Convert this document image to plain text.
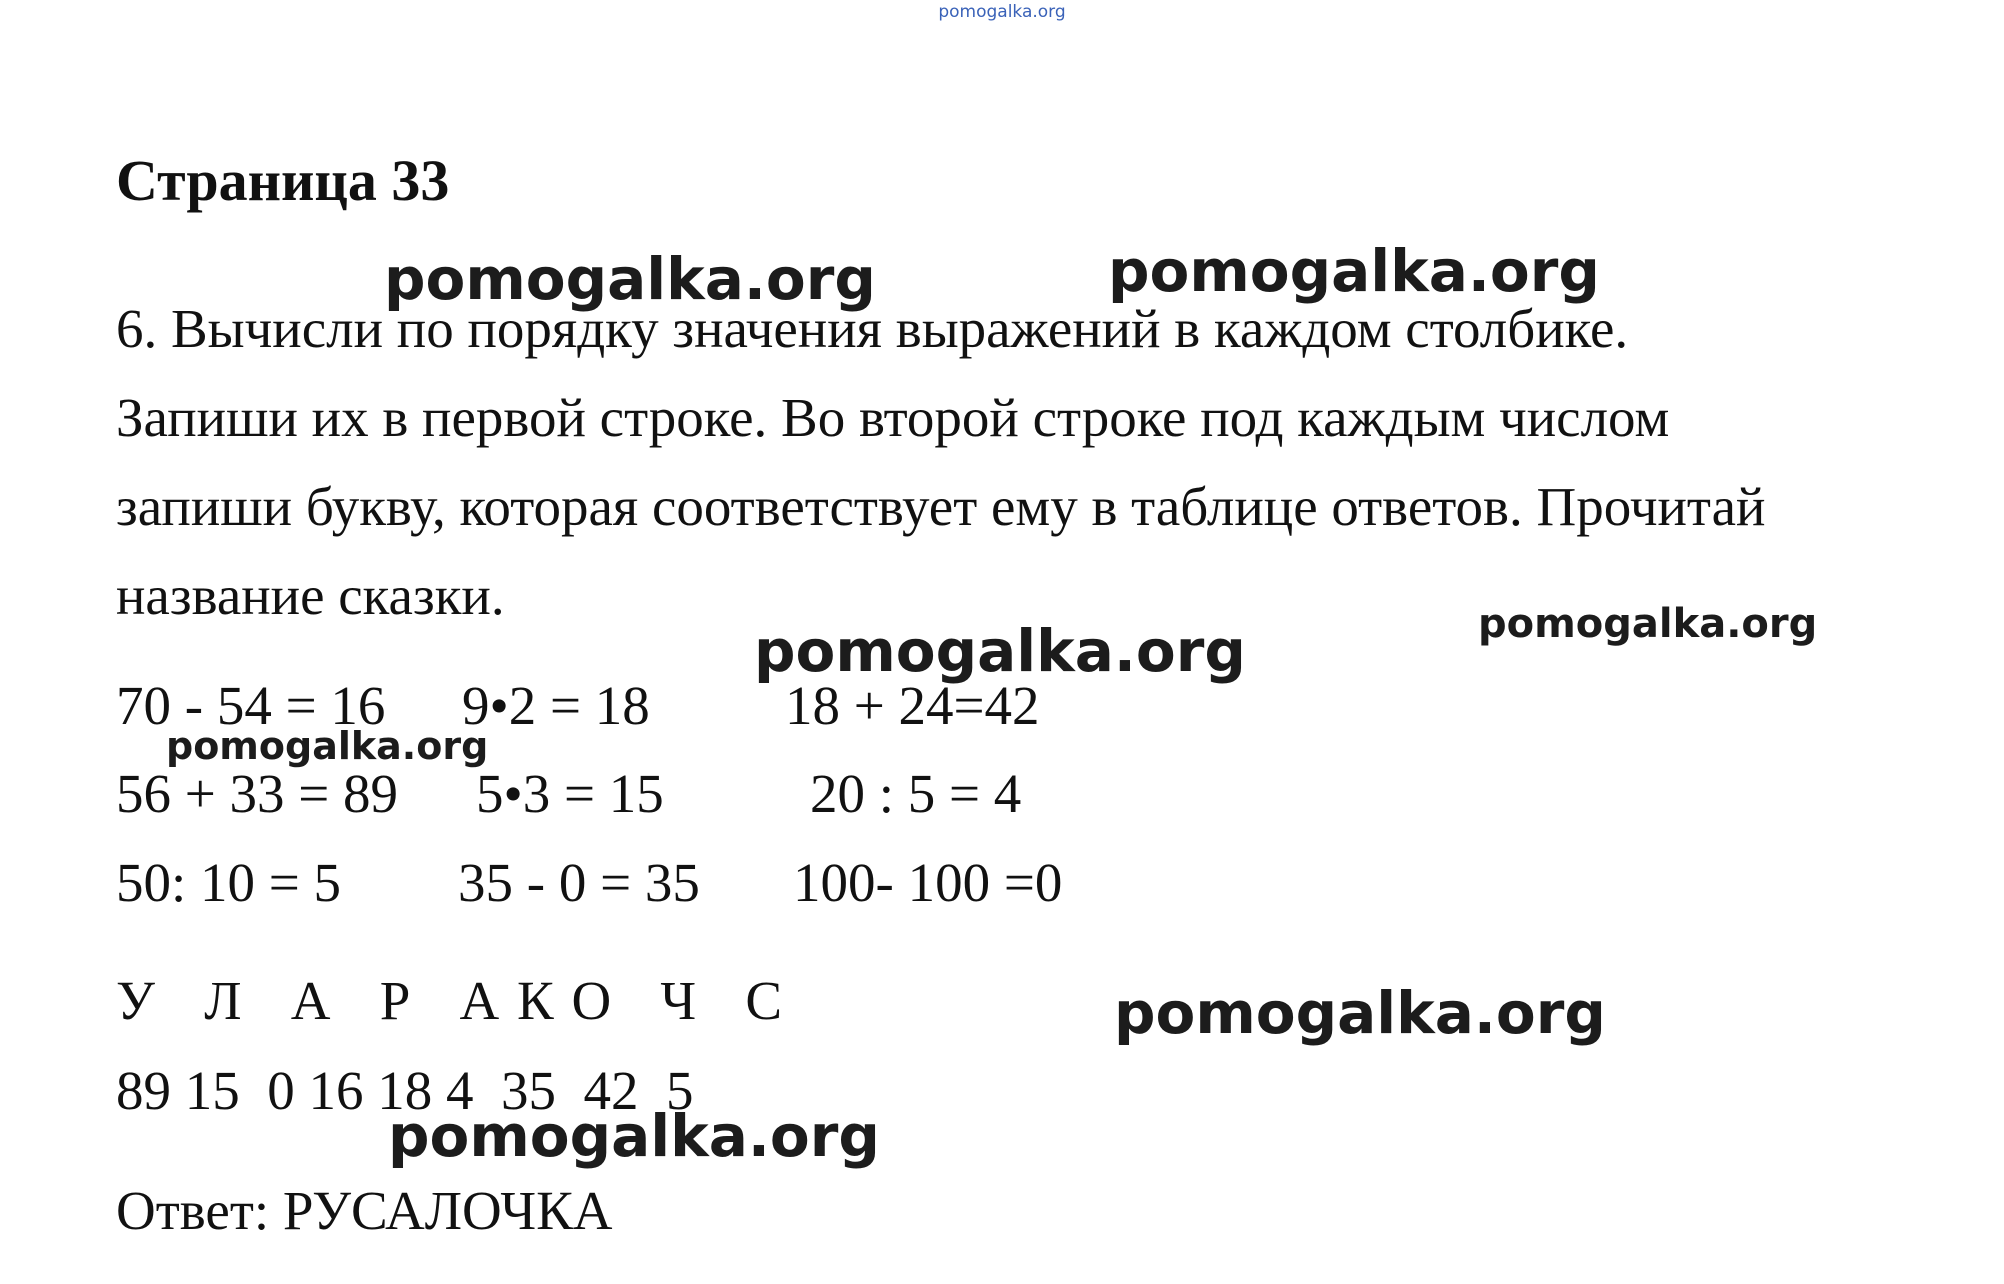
pomogalka.org
Страница 33
6. Вычисли по порядку значения выражений в каждом столбике.
Запиши их в первой строке. Во второй строке под каждым числом
запиши букву, которая соответствует ему в таблице ответов. Прочитай
название сказки.
70 - 54 = 16 9•2 = 18 18 + 24=42
56 + 33 = 89 5•3 = 15	20 : 5 = 4
50: 10 = 5 35 - 0 = 35 100- 100 =0
У   Л   А   Р   А К О   Ч   С
89 15  0 16 18 4  35  42  5
Ответ: РУСАЛОЧКА
pomogalka.org	pomogalka.org
pomogalka.org	pomogalka.org
pomogalka.org
pomogalka.org
pomogalka.org
